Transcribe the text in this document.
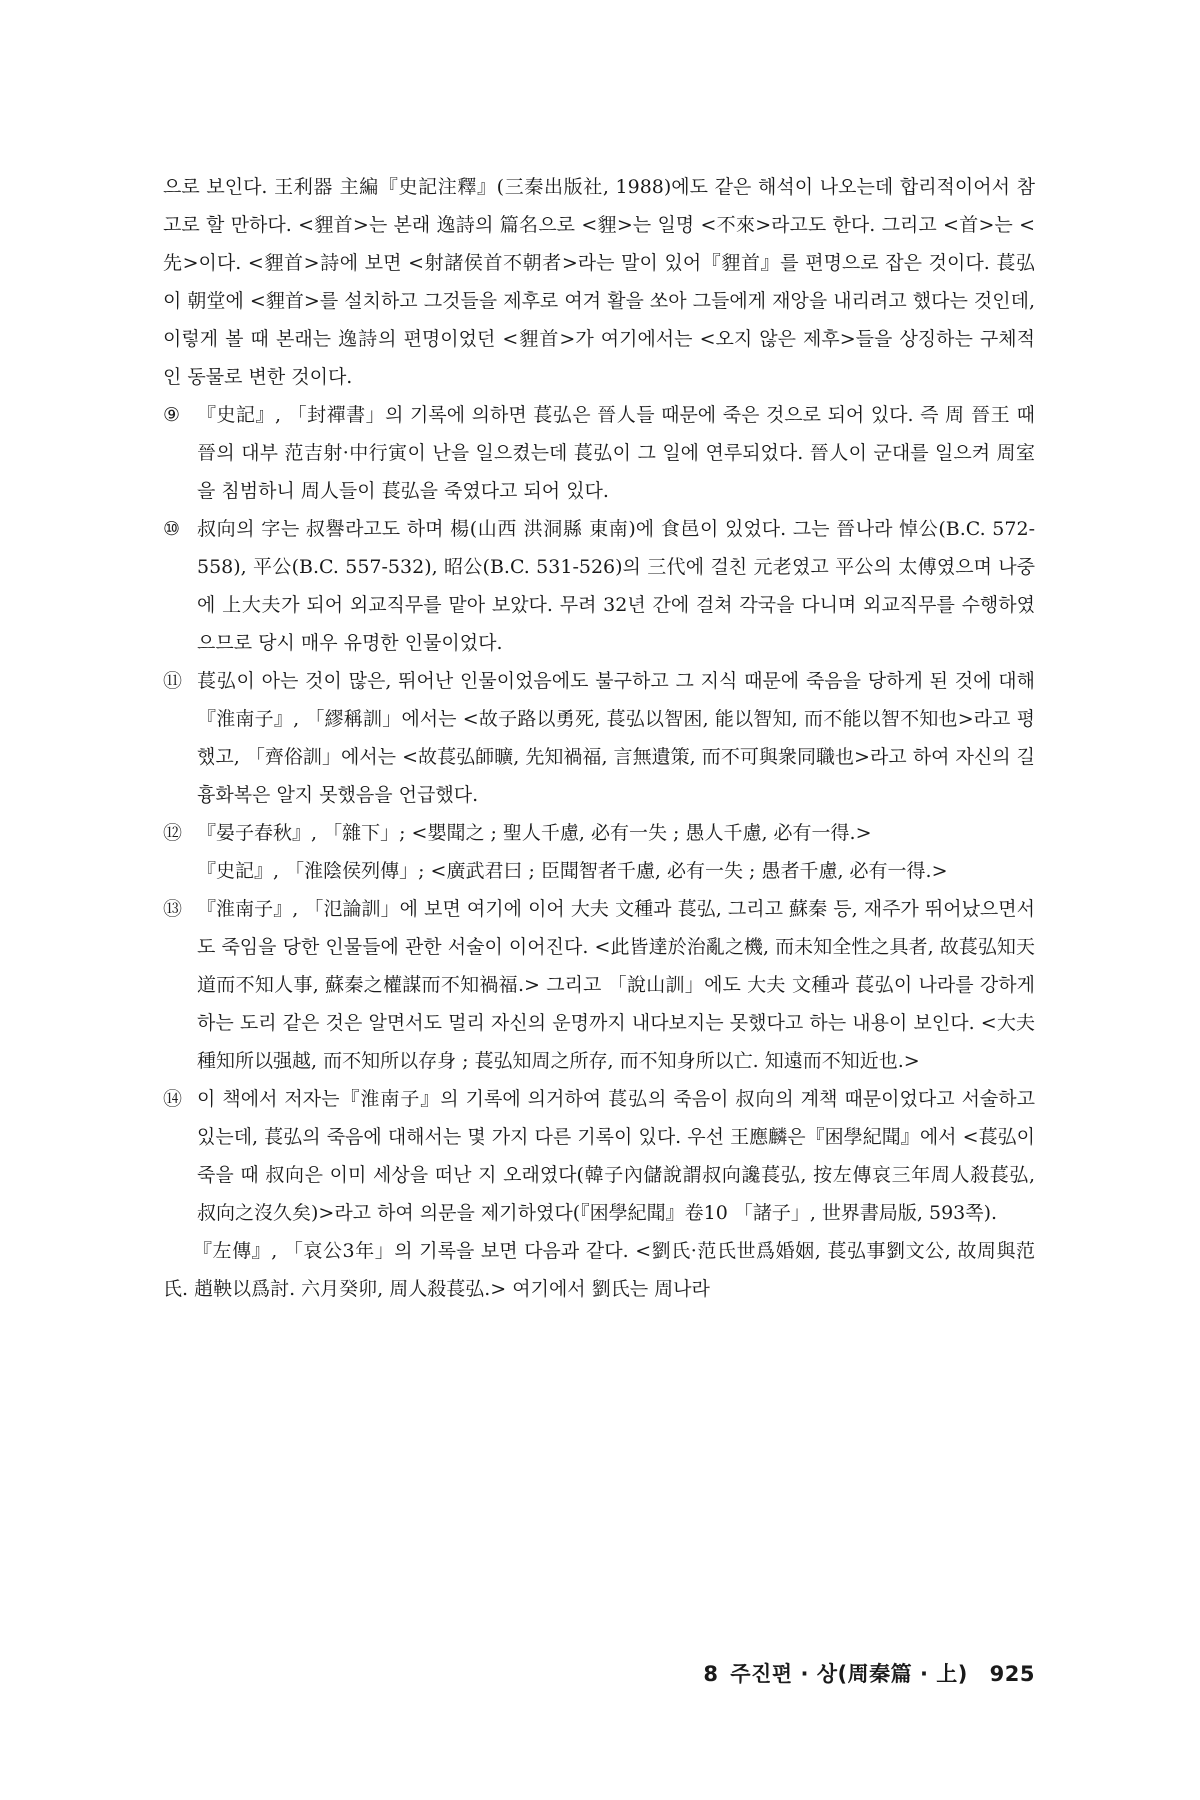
으로 보인다. 王利器 主編『史記注釋』(三秦出版社, 1988)에도 같은 해석이 나오는데 합리적이어서 참고로 할 만하다. <貍首>는 본래 逸詩의 篇名으로 <貍>는 일명 <不來>라고도 한다. 그리고 <首>는 <先>이다. <貍首>詩에 보면 <射諸侯首不朝者>라는 말이 있어『貍首』를 편명으로 잡은 것이다. 萇弘이 朝堂에 <貍首>를 설치하고 그것들을 제후로 여겨 활을 쏘아 그들에게 재앙을 내리려고 했다는 것인데, 이렇게 볼 때 본래는 逸詩의 편명이었던 <貍首>가 여기에서는 <오지 않은 제후>들을 상징하는 구체적인 동물로 변한 것이다.

⑨ 『史記』, 「封禪書」의 기록에 의하면 萇弘은 晉人들 때문에 죽은 것으로 되어 있다. 즉 周 晉王 때 晉의 대부 范吉射·中行寅이 난을 일으켰는데 萇弘이 그 일에 연루되었다. 晉人이 군대를 일으켜 周室을 침범하니 周人들이 萇弘을 죽였다고 되어 있다.

⑩ 叔向의 字는 叔譽라고도 하며 楊(山西 洪洞縣 東南)에 食邑이 있었다. 그는 晉나라 悼公(B.C. 572-558), 平公(B.C. 557-532), 昭公(B.C. 531-526)의 三代에 걸친 元老였고 平公의 太傅였으며 나중에 上大夫가 되어 외교직무를 맡아 보았다. 무려 32년 간에 걸쳐 각국을 다니며 외교직무를 수행하였으므로 당시 매우 유명한 인물이었다.

⑪ 萇弘이 아는 것이 많은, 뛰어난 인물이었음에도 불구하고 그 지식 때문에 죽음을 당하게 된 것에 대해『淮南子』, 「繆稱訓」에서는 <故子路以勇死, 萇弘以智困, 能以智知, 而不能以智不知也>라고 평했고, 「齊俗訓」에서는 <故萇弘師曠, 先知禍福, 言無遺策, 而不可與衆同職也>라고 하여 자신의 길흉화복은 알지 못했음을 언급했다.

⑫ 『晏子春秋』, 「雜下」; <嬰聞之 ; 聖人千慮, 必有一失 ; 愚人千慮, 必有一得.>
『史記』, 「淮陰侯列傳」; <廣武君曰 ; 臣聞智者千慮, 必有一失 ; 愚者千慮, 必有一得.>

⑬ 『淮南子』, 「氾論訓」에 보면 여기에 이어 大夫 文種과 萇弘, 그리고 蘇秦 등, 재주가 뛰어났으면서도 죽임을 당한 인물들에 관한 서술이 이어진다. <此皆達於治亂之機, 而未知全性之具者, 故萇弘知天道而不知人事, 蘇秦之權謀而不知禍福.> 그리고 「說山訓」에도 大夫 文種과 萇弘이 나라를 강하게 하는 도리 같은 것은 알면서도 멀리 자신의 운명까지 내다보지는 못했다고 하는 내용이 보인다. <大夫種知所以强越, 而不知所以存身 ; 萇弘知周之所存, 而不知身所以亡. 知遠而不知近也.>

⑭ 이 책에서 저자는『淮南子』의 기록에 의거하여 萇弘의 죽음이 叔向의 계책 때문이었다고 서술하고 있는데, 萇弘의 죽음에 대해서는 몇 가지 다른 기록이 있다. 우선 王應麟은『困學紀聞』에서 <萇弘이 죽을 때 叔向은 이미 세상을 떠난 지 오래였다(韓子內儲說謂叔向讒萇弘, 按左傳哀三年周人殺萇弘, 叔向之沒久矣)>라고 하여 의문을 제기하였다(『困學紀聞』卷10 「諸子」, 世界書局版, 593쪽).

『左傳』, 「哀公3年」의 기록을 보면 다음과 같다. <劉氏·范氏世爲婚姻, 萇弘事劉文公, 故周與范氏. 趙鞅以爲討. 六月癸卯, 周人殺萇弘.> 여기에서 劉氏는 周나라

8 주진편 · 상(周秦篇 · 上) 925
